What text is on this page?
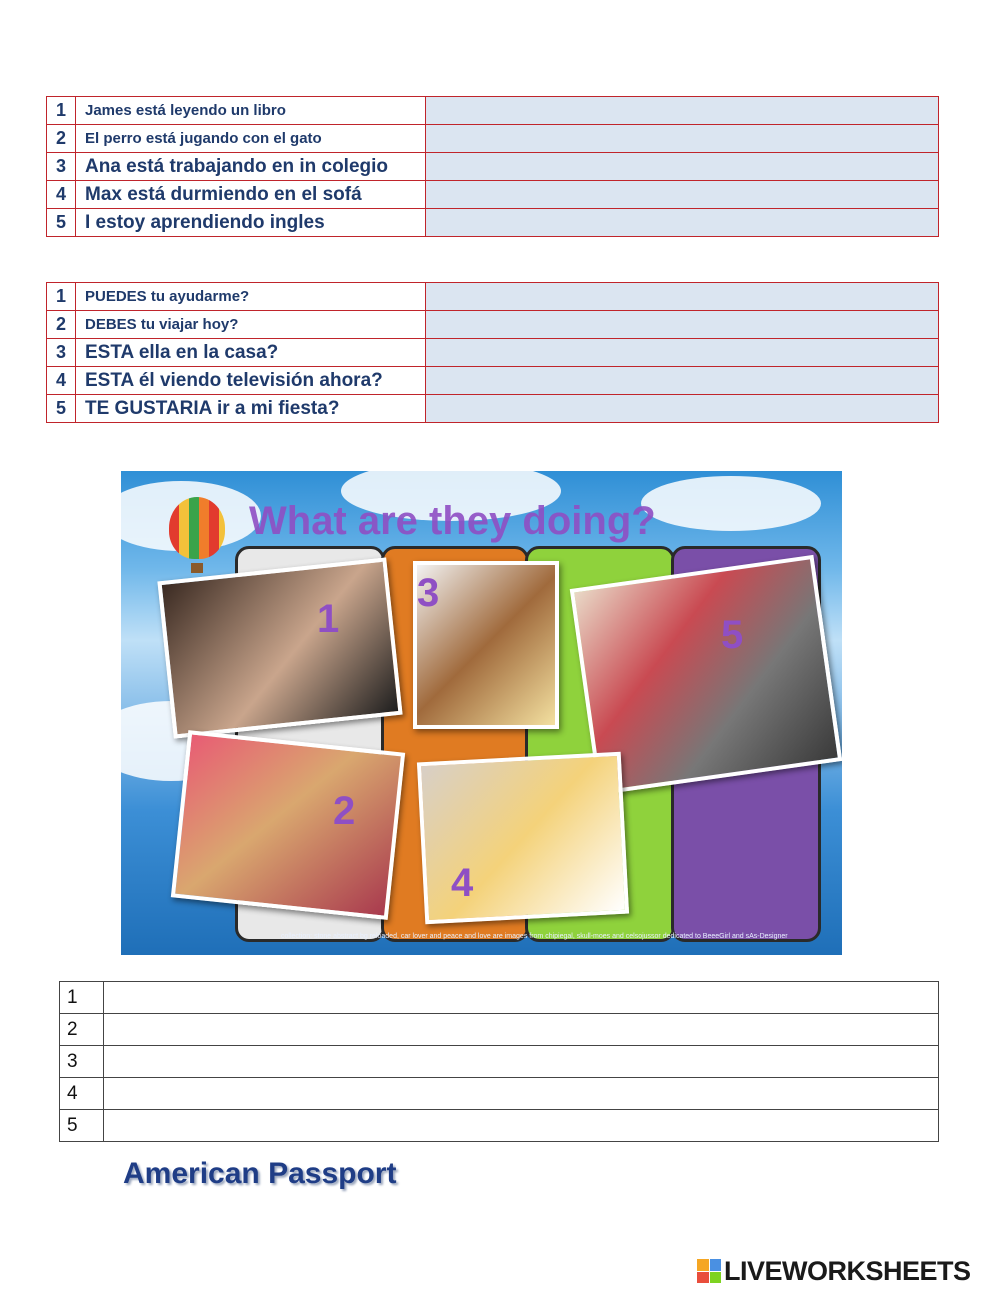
1	James está leyendo un libro	
2	El perro está jugando con el gato	
3	Ana está trabajando en in colegio	
4	Max está durmiendo en el sofá	
5	I estoy aprendiendo ingles	
1	PUEDES tu ayudarme?	
2	DEBES tu viajar hoy?	
3	ESTA ella en la casa?	
4	ESTA él viendo televisión ahora?	
5	TE GUSTARIA ir a mi fiesta?	
What are they doing?
1
2
3
4
5
collection: stone abstract bg reloaded, car lover and peace and love are images from chipiegal, skull-moes and celsojussor dedicated to BeeeGirl and sAs-Designer
1	
2	
3	
4	
5	
American Passport
LIVEWORKSHEETS
